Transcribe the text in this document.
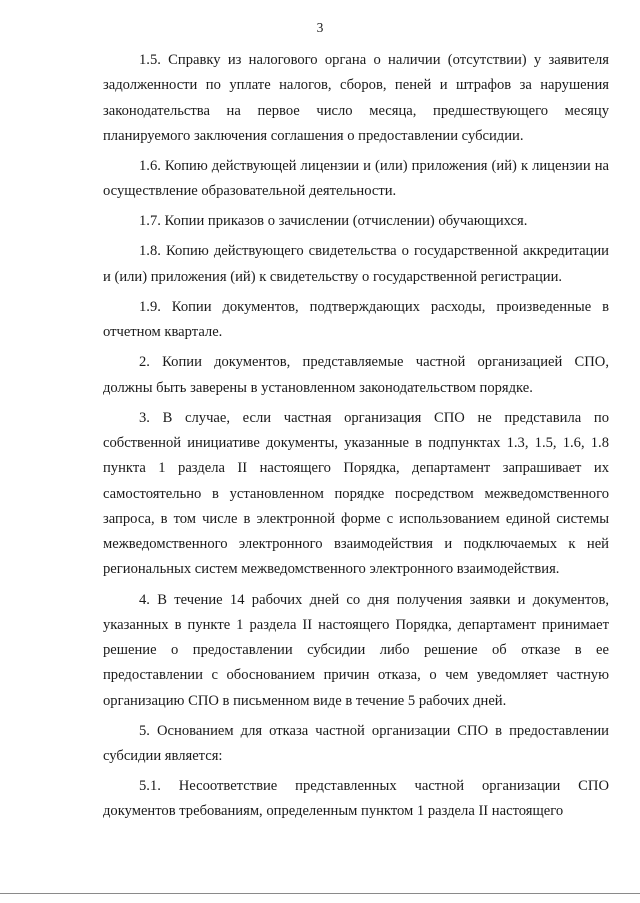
3

1.5. Справку из налогового органа о наличии (отсутствии) у заявителя задолженности по уплате налогов, сборов, пеней и штрафов за нарушения законодательства на первое число месяца, предшествующего месяцу планируемого заключения соглашения о предоставлении субсидии.

1.6. Копию действующей лицензии и (или) приложения (ий) к лицензии на осуществление образовательной деятельности.

1.7. Копии приказов о зачислении (отчислении) обучающихся.

1.8. Копию действующего свидетельства о государственной аккредитации и (или) приложения (ий) к свидетельству о государственной регистрации.

1.9. Копии документов, подтверждающих расходы, произведенные в отчетном квартале.

2. Копии документов, представляемые частной организацией СПО, должны быть заверены в установленном законодательством порядке.

3. В случае, если частная организация СПО не представила по собственной инициативе документы, указанные в подпунктах 1.3, 1.5, 1.6, 1.8 пункта 1 раздела II настоящего Порядка, департамент запрашивает их самостоятельно в установленном порядке посредством межведомственного запроса, в том числе в электронной форме с использованием единой системы межведомственного электронного взаимодействия и подключаемых к ней региональных систем межведомственного электронного взаимодействия.

4. В течение 14 рабочих дней со дня получения заявки и документов, указанных в пункте 1 раздела II настоящего Порядка, департамент принимает решение о предоставлении субсидии либо решение об отказе в ее предоставлении с обоснованием причин отказа, о чем уведомляет частную организацию СПО в письменном виде в течение 5 рабочих дней.

5. Основанием для отказа частной организации СПО в предоставлении субсидии является:

5.1. Несоответствие представленных частной организации СПО документов требованиям, определенным пунктом 1 раздела II настоящего
